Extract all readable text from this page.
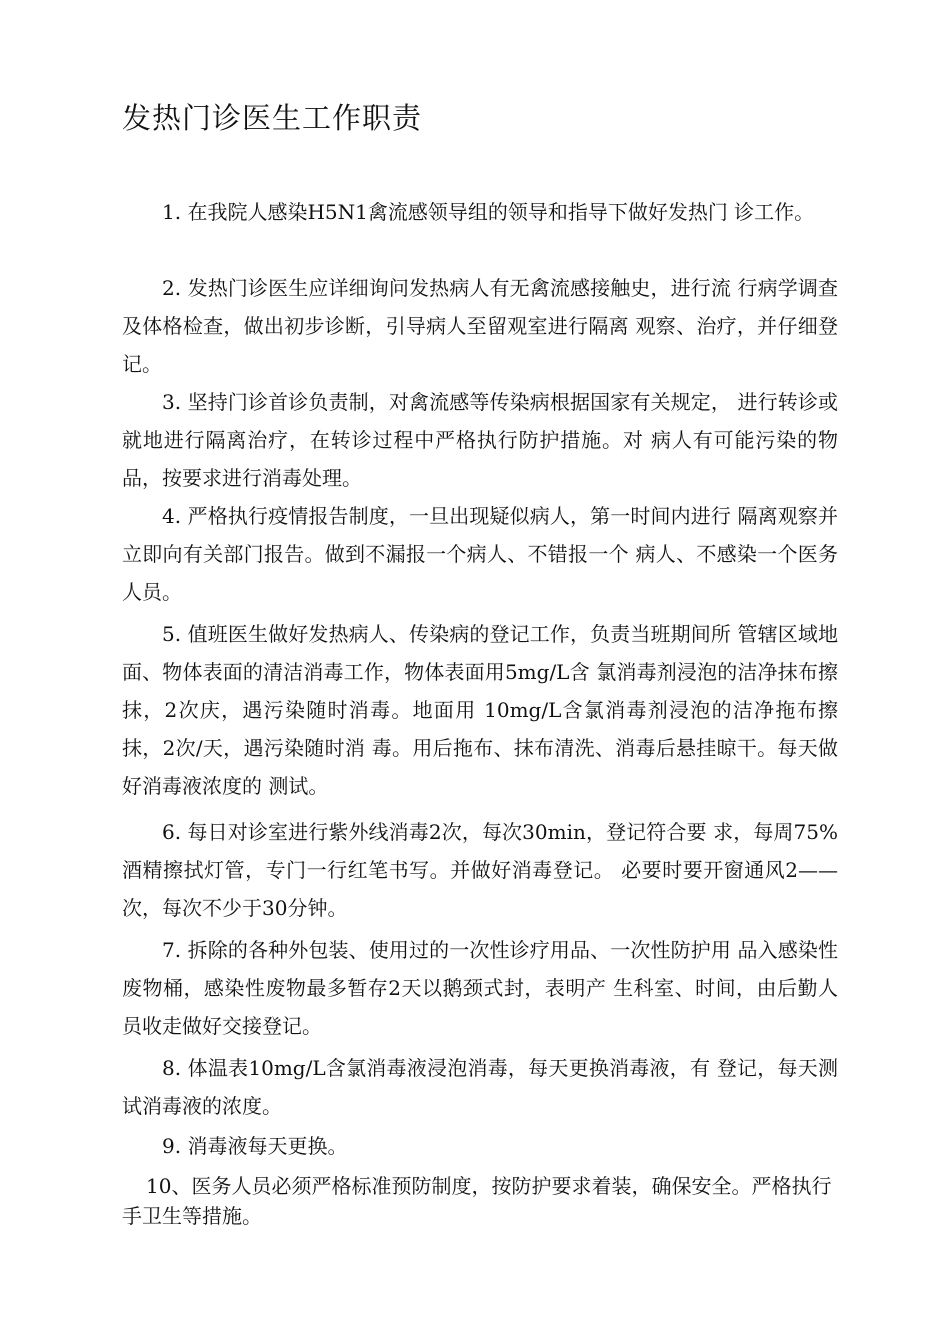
发热门诊医生工作职责

1. 在我院人感染H5N1禽流感领导组的领导和指导下做好发热门 诊工作。

2. 发热门诊医生应详细询问发热病人有无禽流感接触史，进行流 行病学调查及体格检查，做出初步诊断，引导病人至留观室进行隔离 观察、治疗，并仔细登记。

3. 坚持门诊首诊负责制，对禽流感等传染病根据国家有关规定， 进行转诊或就地进行隔离治疗，在转诊过程中严格执行防护措施。对 病人有可能污染的物品，按要求进行消毒处理。

4. 严格执行疫情报告制度，一旦出现疑似病人，第一时间内进行 隔离观察并立即向有关部门报告。做到不漏报一个病人、不错报一个 病人、不感染一个医务人员。

5. 值班医生做好发热病人、传染病的登记工作，负责当班期间所 管辖区域地面、物体表面的清洁消毒工作，物体表面用5mg/L含 氯消毒剂浸泡的洁净抹布擦抹，2次庆，遇污染随时消毒。地面用 10mg/L含氯消毒剂浸泡的洁净拖布擦抹，2次/天，遇污染随时消 毒。用后拖布、抹布清洗、消毒后悬挂晾干。每天做好消毒液浓度的 测试。

6. 每日对诊室进行紫外线消毒2次，每次30min，登记符合要 求，每周75%酒精擦拭灯管，专门一行红笔书写。并做好消毒登记。 必要时要开窗通风2——次，每次不少于30分钟。

7. 拆除的各种外包装、使用过的一次性诊疗用品、一次性防护用 品入感染性废物桶，感染性废物最多暂存2天以鹅颈式封，表明产 生科室、时间，由后勤人员收走做好交接登记。

8. 体温表10mg/L含氯消毒液浸泡消毒，每天更换消毒液，有 登记，每天测试消毒液的浓度。

9. 消毒液每天更换。

10、医务人员必须严格标准预防制度，按防护要求着装，确保安全。严格执行手卫生等措施。
